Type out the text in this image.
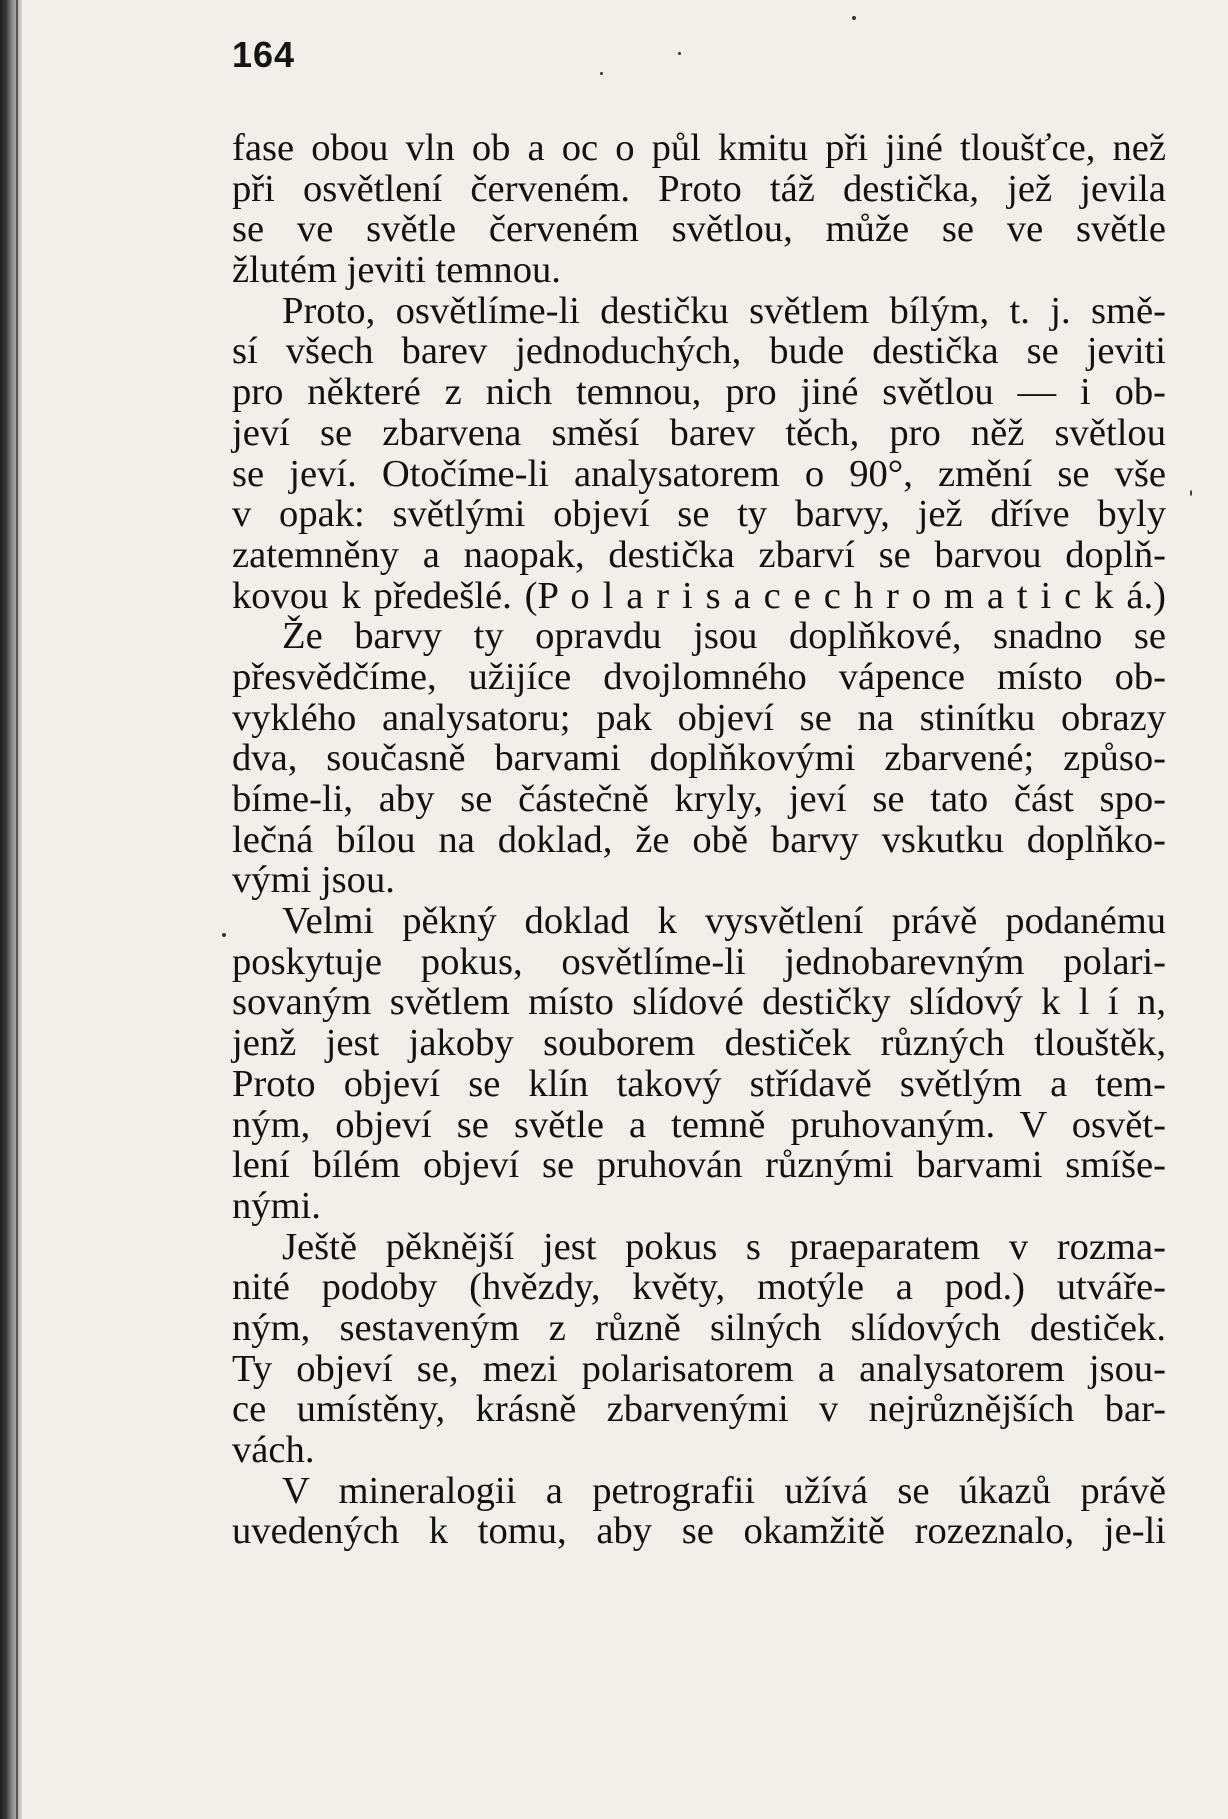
164
fase obou vln ob a oc o půl kmitu při jiné tloušťce, než
při osvětlení červeném. Proto táž destička, jež jevila
se ve světle červeném světlou, může se ve světle
žlutém jeviti temnou.
Proto, osvětlíme-li destičku světlem bílým, t. j. smě-
sí všech barev jednoduchých, bude destička se jeviti
pro některé z nich temnou, pro jiné světlou — i ob-
jeví se zbarvena směsí barev těch, pro něž světlou
se jeví. Otočíme-li analysatorem o 90°, změní se vše
v opak: světlými objeví se ty barvy, jež dříve byly
zatemněny a naopak, destička zbarví se barvou doplň-
kovou k předešlé. (P o l a r i s a c e c h r o m a t i c k á.)
Že barvy ty opravdu jsou doplňkové, snadno se
přesvědčíme, užijíce dvojlomného vápence místo ob-
vyklého analysatoru; pak objeví se na stinítku obrazy
dva, současně barvami doplňkovými zbarvené; způso-
bíme-li, aby se částečně kryly, jeví se tato část spo-
lečná bílou na doklad, že obě barvy vskutku doplňko-
vými jsou.
Velmi pěkný doklad k vysvětlení právě podanému
poskytuje pokus, osvětlíme-li jednobarevným polari-
sovaným světlem místo slídové destičky slídový k l í n,
jenž jest jakoby souborem destiček různých tlouštěk,
Proto objeví se klín takový střídavě světlým a tem-
ným, objeví se světle a temně pruhovaným. V osvět-
lení bílém objeví se pruhován různými barvami smíše-
nými.
Ještě pěknější jest pokus s praeparatem v rozma-
nité podoby (hvězdy, květy, motýle a pod.) utváře-
ným, sestaveným z různě silných slídových destiček.
Ty objeví se, mezi polarisatorem a analysatorem jsou-
ce umístěny, krásně zbarvenými v nejrůznějších bar-
vách.
V mineralogii a petrografii užívá se úkazů právě
uvedených k tomu, aby se okamžitě rozeznalo, je-li
